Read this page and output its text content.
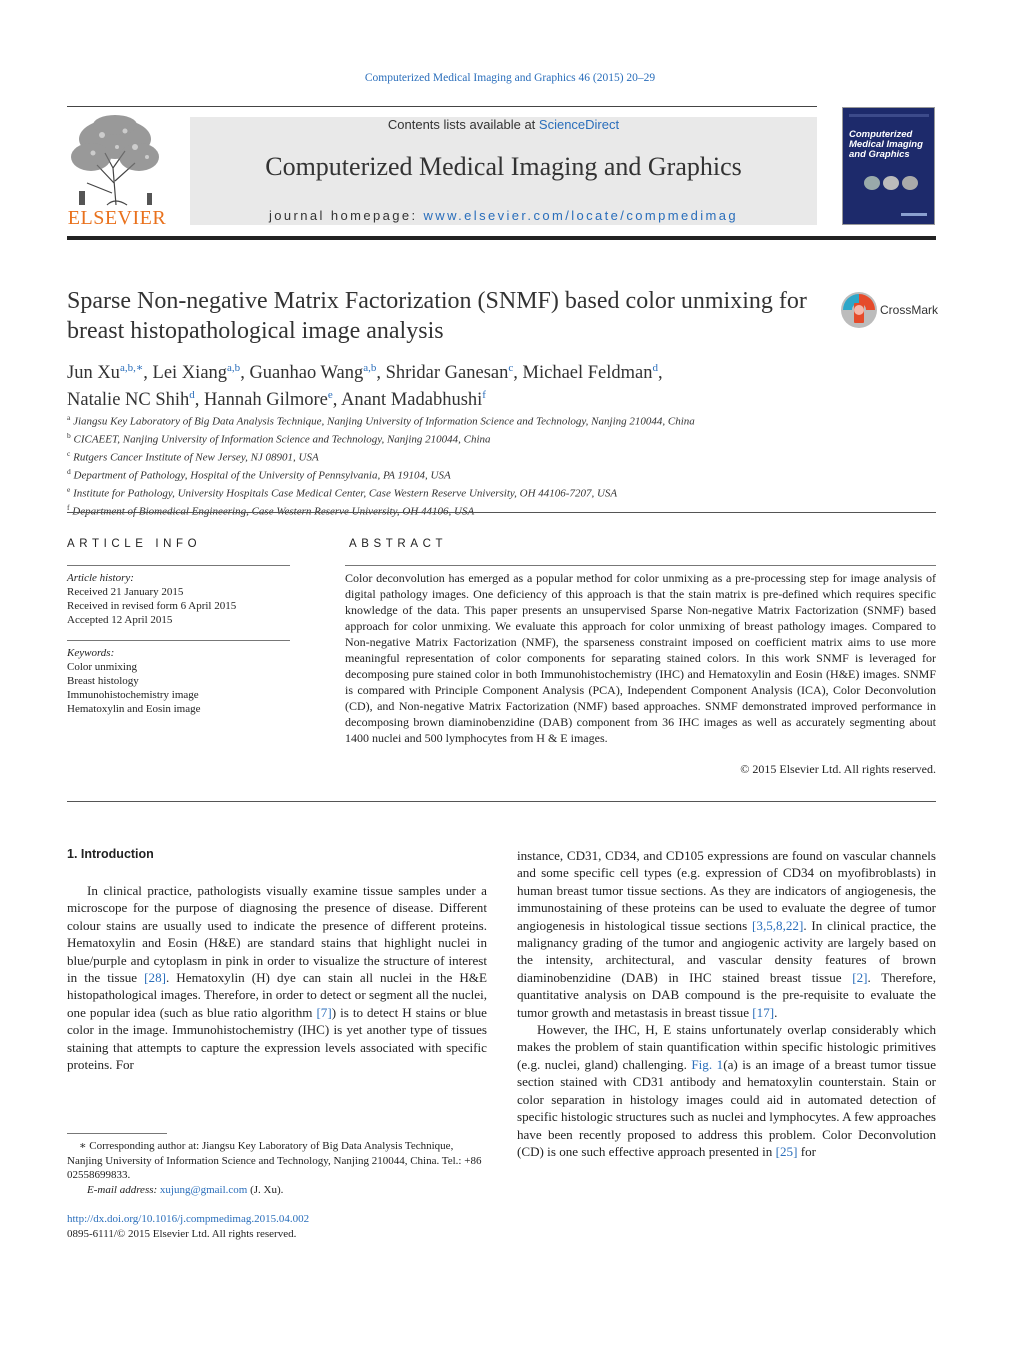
Computerized Medical Imaging and Graphics 46 (2015) 20–29
ELSEVIER
Contents lists available at ScienceDirect
Computerized Medical Imaging and Graphics
journal homepage: www.elsevier.com/locate/compmedimag
Computerized Medical Imaging and Graphics
Sparse Non-negative Matrix Factorization (SNMF) based color unmixing for breast histopathological image analysis
CrossMark
Jun $Xu^{a,b,∗}$, Lei Xiang$^{a,b}$, Guanhao Wang$^{a,b}$, Shridar Ganesan$^c$, Michael Feldman$^d$,
Natalie NC Shih$^d$, Hannah Gilmore$^e$, Anant Madabhushi$^f$
$^a$ Jiangsu Key Laboratory of Big Data Analysis Technique, Nanjing University of Information Science and Technology, Nanjing 210044, China
$^b$ CICAEET, Nanjing University of Information Science and Technology, Nanjing 210044, China
$^c$ Rutgers Cancer Institute of New Jersey, NJ 08901, USA
$^d$ Department of Pathology, Hospital of the University of Pennsylvania, PA 19104, USA
$^e$ Institute for Pathology, University Hospitals Case Medical Center, Case Western Reserve University, OH 44106-7207, USA
$^f$
ARTICLE INFO
Article history:
Received 21 January 2015
Received in revised form 6 April 2015
Accepted 12 April 2015
Keywords:
Color unmixing
Breast histology
Immunohistochemistry image
Hematoxylin and Eosin image
ABSTRACT
Color deconvolution has emerged as a popular method for color unmixing as a pre-processing step for image analysis of digital pathology images. One deficiency of this approach is that the stain matrix is pre-defined which requires specific knowledge of the data. This paper presents an unsupervised Sparse Non-negative Matrix Factorization (SNMF) based approach for color unmixing. We evaluate this approach for color unmixing of breast pathology images. Compared to Non-negative Matrix Factorization (NMF), the sparseness constraint imposed on coefficient matrix aims to use more meaningful representation of color components for separating stained colors. In this work SNMF is leveraged for decomposing pure stained color in both Immunohistochemistry (IHC) and Hematoxylin and Eosin (H&E) images. SNMF is compared with Principle Component Analysis (PCA), Independent Component Analysis (ICA), Color Deconvolution (CD), and Non-negative Matrix Factorization (NMF) based approaches. SNMF demonstrated improved performance in decomposing brown diaminobenzidine (DAB) component from 36 IHC images as well as accurately segmenting about 1400 nuclei and 500 lymphocytes from H & E images.
© 2015 Elsevier Ltd. All rights reserved.
1. Introduction

In clinical practice, pathologists visually examine tissue samples under a microscope for the purpose of diagnosing the presence of disease. Different colour stains are usually used to indicate the presence of different proteins. Hematoxylin and Eosin (H&E) are standard stains that highlight nuclei in blue/purple and cytoplasm in pink in order to visualize the structure of interest in the tissue [28]. Hematoxylin (H) dye can stain all nuclei in the H&E histopathological images. Therefore, in order to detect or segment all the nuclei, one popular idea (such as blue ratio algorithm [7]) is to detect H stains or blue color in the image. Immunohistochemistry (IHC) is yet another type of tissues staining that attempts to capture the expression levels associated with specific proteins. For

instance, CD31, CD34, and CD105 expressions are found on vascular channels and some specific cell types (e.g. expression of CD34 on myofibroblasts) in human breast tumor tissue sections. As they are indicators of angiogenesis, the immunostaining of these proteins can be used to evaluate the degree of tumor angiogenesis in histological tissue sections [3,5,8,22]. In clinical practice, the malignancy grading of the tumor and angiogenic activity are largely based on the intensity, architectural, and vascular density features of brown diaminobenzidine (DAB) in IHC stained breast tissue [2]. Therefore, quantitative analysis on DAB compound is the pre-requisite to evaluate the tumor growth and metastasis in breast tissue [17].

However, the IHC, H, E stains unfortunately overlap considerably which makes the problem of stain quantification within specific histologic primitives (e.g. nuclei, gland) challenging. Fig. 1(a) is an image of a breast tumor tissue section stained with CD31 antibody and hematoxylin counterstain. Stain or color separation in histology images could aid in automated detection of specific histologic structures such as nuclei and lymphocytes. A few approaches have been recently proposed to address this problem. Color Deconvolution (CD) is one such effective approach presented in [25] for

∗ Corresponding author at: Jiangsu Key Laboratory of Big Data Analysis Technique, Nanjing University of Information Science and Technology, Nanjing 210044, China. Tel.: +86 02558699833.
E-mail address: xujung@gmail.com (J. Xu).
http://dx.doi.org/10.1016/j.compmedimag.2015.04.002
0895-6111/© 2015 Elsevier Ltd. All rights reserved.
